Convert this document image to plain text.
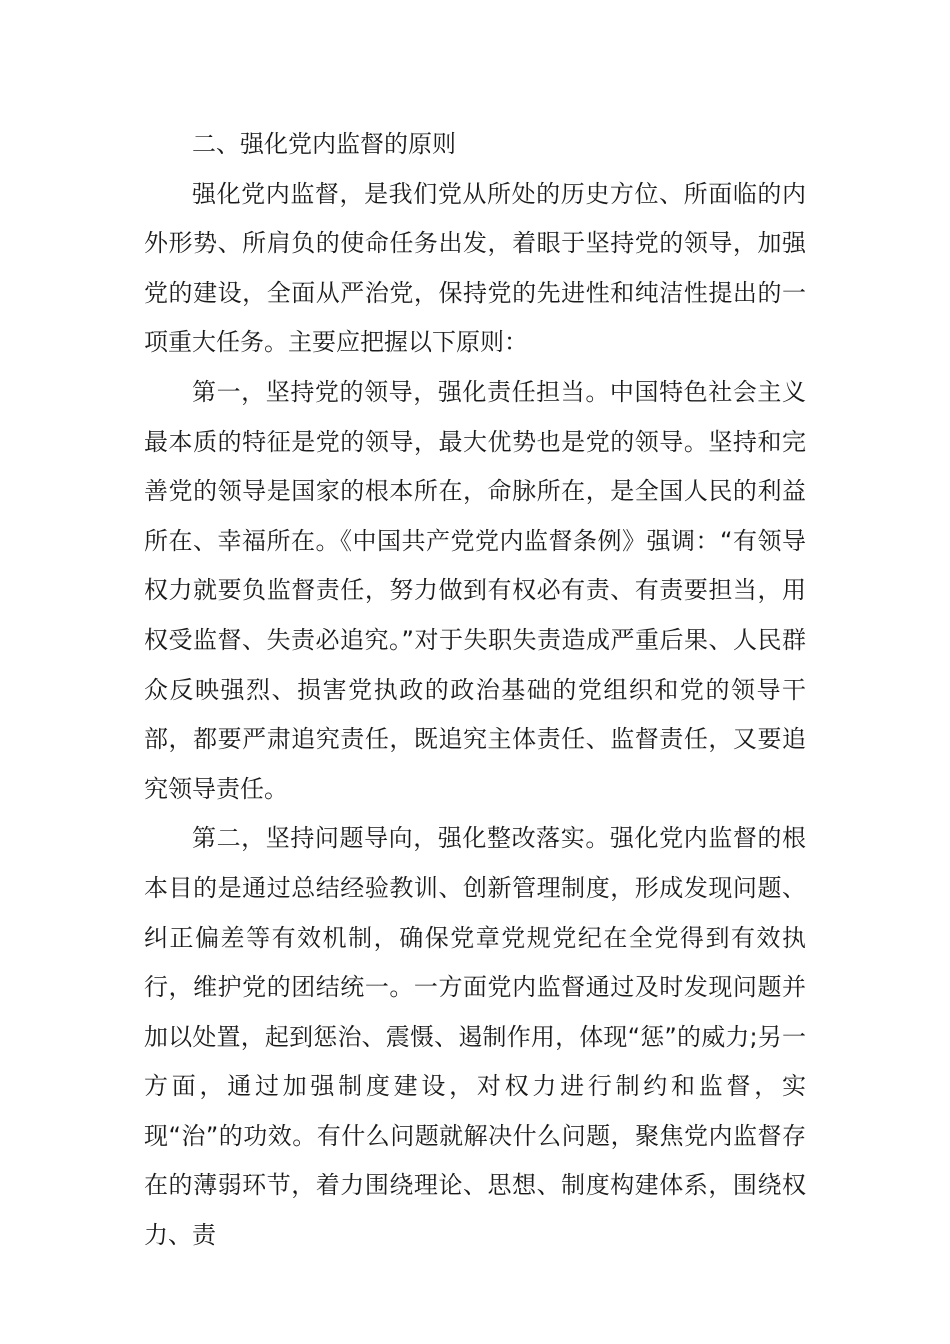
二、强化党内监督的原则

强化党内监督，是我们党从所处的历史方位、所面临的内外形势、所肩负的使命任务出发，着眼于坚持党的领导，加强党的建设，全面从严治党，保持党的先进性和纯洁性提出的一项重大任务。主要应把握以下原则：

第一，坚持党的领导，强化责任担当。中国特色社会主义最本质的特征是党的领导，最大优势也是党的领导。坚持和完善党的领导是国家的根本所在，命脉所在，是全国人民的利益所在、幸福所在。《中国共产党党内监督条例》强调：“有领导权力就要负监督责任，努力做到有权必有责、有责要担当，用权受监督、失责必追究。”对于失职失责造成严重后果、人民群众反映强烈、损害党执政的政治基础的党组织和党的领导干部，都要严肃追究责任，既追究主体责任、监督责任，又要追究领导责任。

第二，坚持问题导向，强化整改落实。强化党内监督的根本目的是通过总结经验教训、创新管理制度，形成发现问题、纠正偏差等有效机制，确保党章党规党纪在全党得到有效执行，维护党的团结统一。一方面党内监督通过及时发现问题并加以处置，起到惩治、震慑、遏制作用，体现“惩”的威力;另一方面，通过加强制度建设，对权力进行制约和监督，实现“治”的功效。有什么问题就解决什么问题，聚焦党内监督存在的薄弱环节，着力围绕理论、思想、制度构建体系，围绕权力、责
